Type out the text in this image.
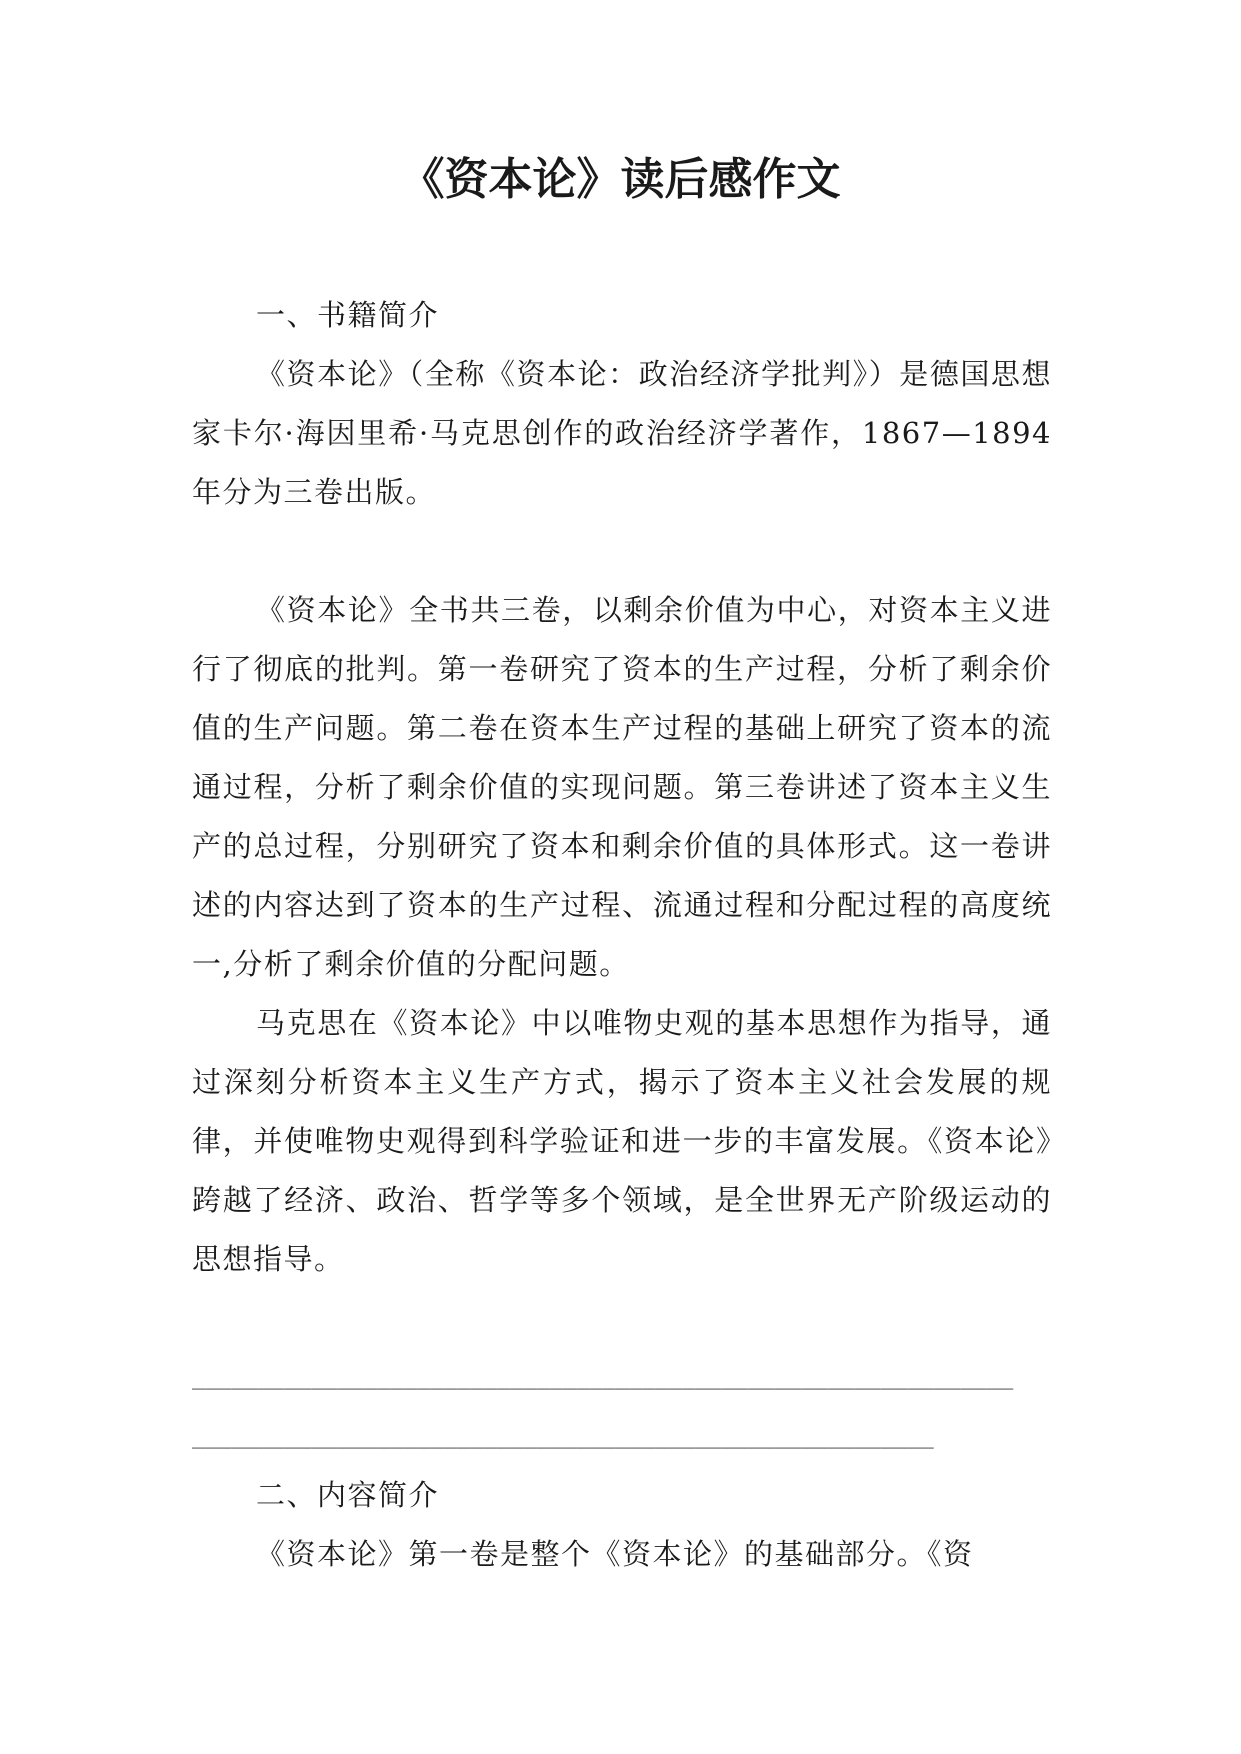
《资本论》读后感作文

一、书籍简介

《资本论》（全称《资本论：政治经济学批判》）是德国思想家卡尔·海因里希·马克思创作的政治经济学著作，1867—1894 年分为三卷出版。

《资本论》全书共三卷，以剩余价值为中心，对资本主义进行了彻底的批判。第一卷研究了资本的生产过程，分析了剩余价值的生产问题。第二卷在资本生产过程的基础上研究了资本的流通过程，分析了剩余价值的实现问题。第三卷讲述了资本主义生产的总过程，分别研究了资本和剩余价值的具体形式。这一卷讲述的内容达到了资本的生产过程、流通过程和分配过程的高度统一,分析了剩余价值的分配问题。

马克思在《资本论》中以唯物史观的基本思想作为指导，通过深刻分析资本主义生产方式，揭示了资本主义社会发展的规律，并使唯物史观得到科学验证和进一步的丰富发展。《资本论》跨越了经济、政治、哲学等多个领域，是全世界无产阶级运动的思想指导。

______________________________________________________________
________________________________________________________

二、内容简介

《资本论》第一卷是整个《资本论》的基础部分。《资
